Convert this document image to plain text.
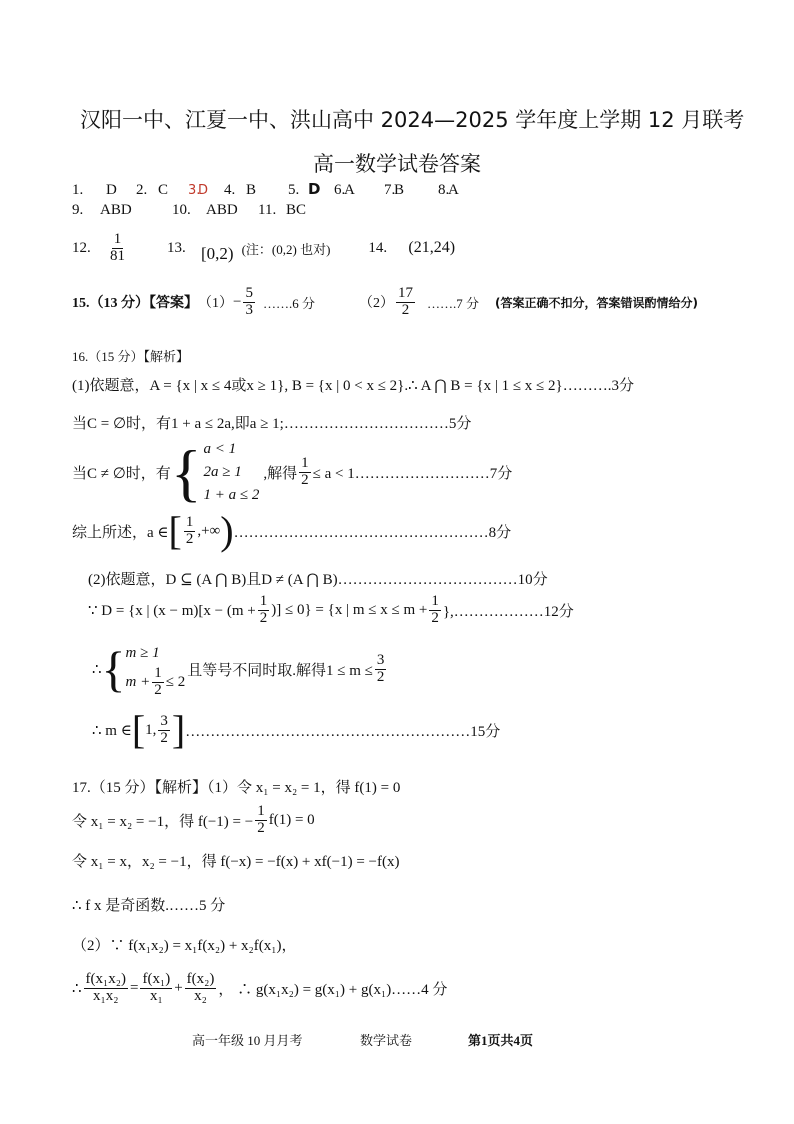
汉阳一中、江夏一中、洪山高中 2024—2025 学年度上学期 12 月联考
高一数学试卷答案
1. D 2. C 3.D 4. B 5. D 6.A 7.B 8.A
9. ABD	10. ABD 11. BC
12.	$\frac{1}{81}$	13. [0,2) (注：(0,2) 也对)	14.	(21,24)
15.（13 分）【答案】 $(1) - \frac{5}{3}$ …….6 分	$(2) \frac{17}{2}$ …….7 分 (答案正确不扣分，答案错误酌情给分)
16.（15 分）【解析】
(1)依题意，A = {x | x ≤ 4或x ≥ 1}, B = {x | 0 < x ≤ 2}.∴ A ⋂ B = {x | 1 ≤ x ≤ 2}……….3分
当C = ∅时，有1 + a ≤ 2a,即a ≥ 1;……………………………5分
当C ≠ ∅时，有 { a < 1
2a ≥ 1
1 + a ≤ 2
,解得 $\frac{1}{2} \le a$ < 1………………………7分
综上所述，a ∈ [ $\frac{1}{2}$ ,+∞ ) ……………………………………………8分
(2)依题意，D ⊆ (A ⋂ B)且D ≠ (A ⋂ B)………………………………10分
∵ D = {x | $(x - m)[x - (m + \frac{1}{2}$ )] ≤ 0} = {x | $m \le x \le m + \frac{1}{2}$ },………………12分
∴ { m ≥ 1
$m + \frac{1}{2} \le 2$
且等号不同时取.解得$1 \le m \le \frac{3}{2}$
∴ m ∈ [ 1, $\frac{3}{2}$ ] …………………………………………………15分
17.（15 分）【解析】（1）令 x₁ = x₂ = 1，得 f(1) = 0
令 x₁ = x₂ = −1，得 f(−1) = − $\frac{1}{2} f(1) = 0$
令 x₁ = x，x₂ = −1，得 f(−x) = −f(x) + xf(−1) = −f(x)
∴ f x 是奇函数.……5 分
（2）∵ f(x₁x₂) = x₁f(x₂) + x₂f(x₁)，
∴ $\frac{\text{f(x₁x₂)}}{\text{x₁x₂}} = \frac{\text{f(x₁)}}{\text{x₁}} + \frac{\text{f(x₂)}}{\text{x₂}}$ ， ∴ g(x₁x₂) = g(x₁) + g(x₁)……4 分
高一年级 10 月月考	数学试卷	第1页共4页
